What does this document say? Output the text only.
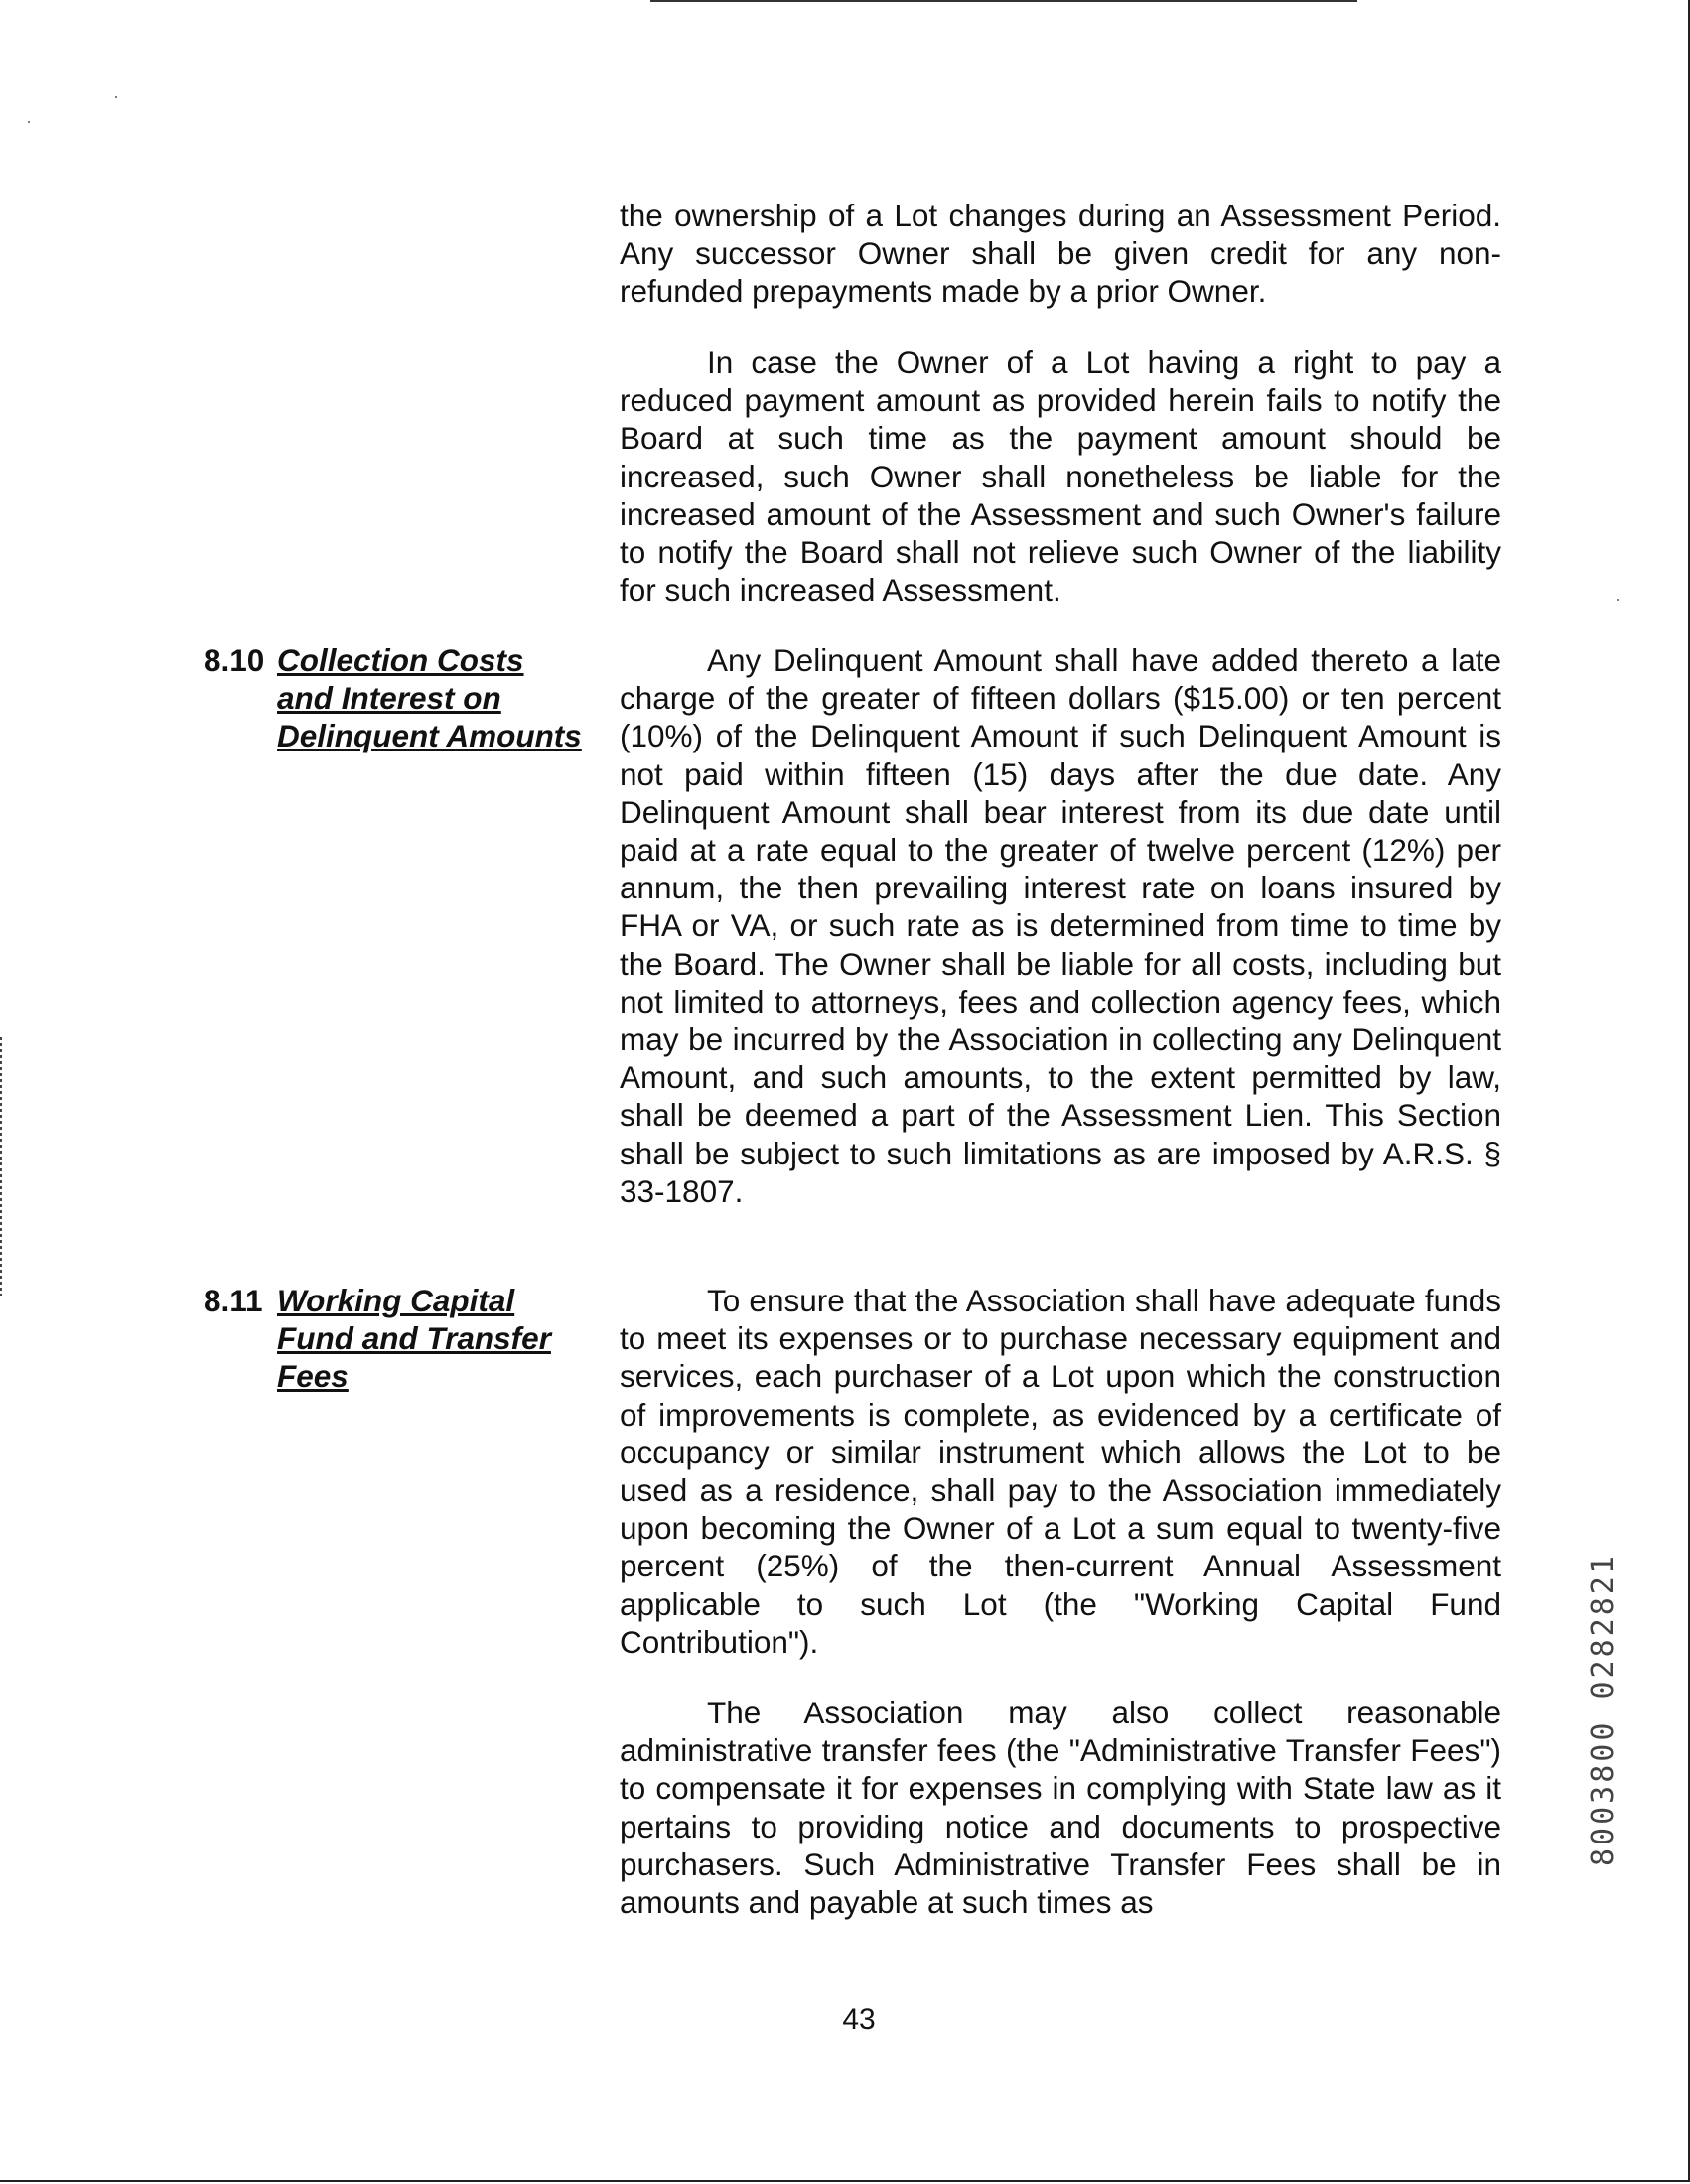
the ownership of a Lot changes during an Assessment Period. Any successor Owner shall be given credit for any non-refunded prepayments made by a prior Owner.

In case the Owner of a Lot having a right to pay a reduced payment amount as provided herein fails to notify the Board at such time as the payment amount should be increased, such Owner shall nonetheless be liable for the increased amount of the Assessment and such Owner's failure to notify the Board shall not relieve such Owner of the liability for such increased Assessment.

8.10 Collection Costs and Interest on Delinquent Amounts

Any Delinquent Amount shall have added thereto a late charge of the greater of fifteen dollars ($15.00) or ten percent (10%) of the Delinquent Amount if such Delinquent Amount is not paid within fifteen (15) days after the due date. Any Delinquent Amount shall bear interest from its due date until paid at a rate equal to the greater of twelve percent (12%) per annum, the then prevailing interest rate on loans insured by FHA or VA, or such rate as is determined from time to time by the Board. The Owner shall be liable for all costs, including but not limited to attorneys, fees and collection agency fees, which may be incurred by the Association in collecting any Delinquent Amount, and such amounts, to the extent permitted by law, shall be deemed a part of the Assessment Lien. This Section shall be subject to such limitations as are imposed by A.R.S. § 33-1807.

8.11 Working Capital Fund and Transfer Fees

To ensure that the Association shall have adequate funds to meet its expenses or to purchase necessary equipment and services, each purchaser of a Lot upon which the construction of improvements is complete, as evidenced by a certificate of occupancy or similar instrument which allows the Lot to be used as a residence, shall pay to the Association immediately upon becoming the Owner of a Lot a sum equal to twenty-five percent (25%) of the then-current Annual Assessment applicable to such Lot (the "Working Capital Fund Contribution").

The Association may also collect reasonable administrative transfer fees (the "Administrative Transfer Fees") to compensate it for expenses in complying with State law as it pertains to providing notice and documents to prospective purchasers. Such Administrative Transfer Fees shall be in amounts and payable at such times as

43
8003800 0282821
